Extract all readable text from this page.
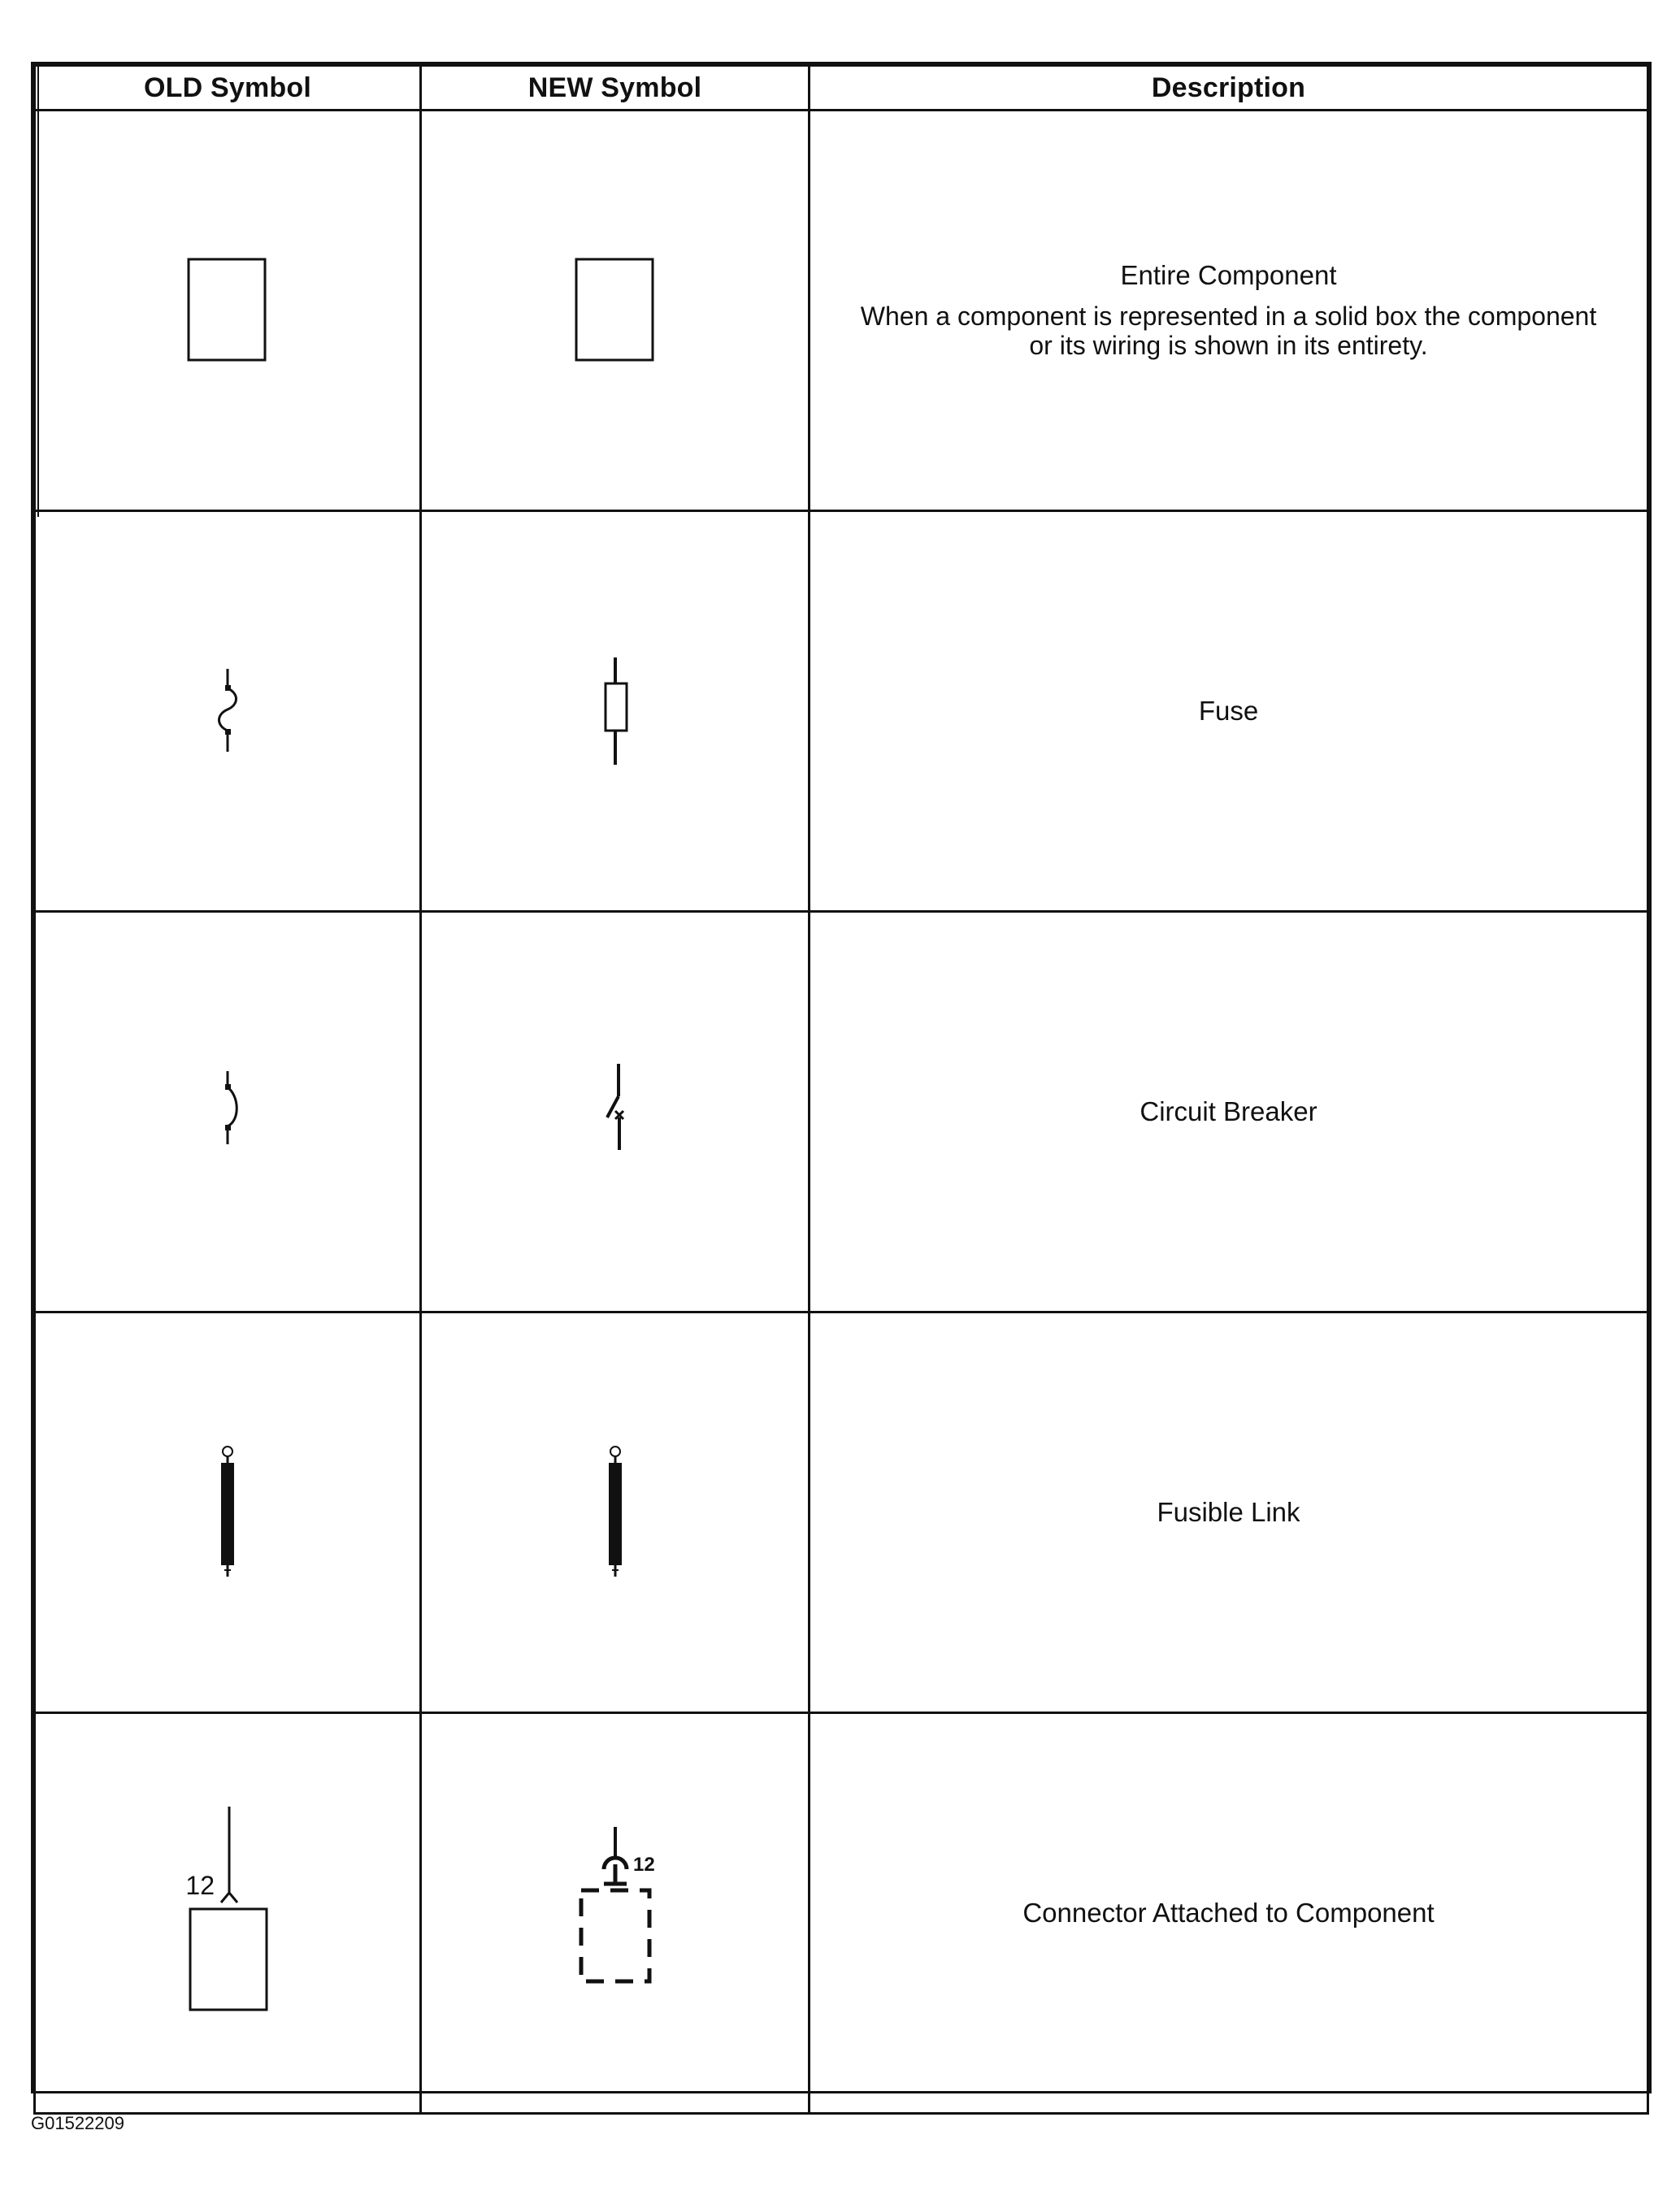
OLD Symbol	NEW Symbol	Description

Entire Component
When a component is represented in a solid box the component or its wiring is shown in its entirety.

Fuse

Circuit Breaker

Fusible Link

12	12	Connector Attached to Component
G01522209
